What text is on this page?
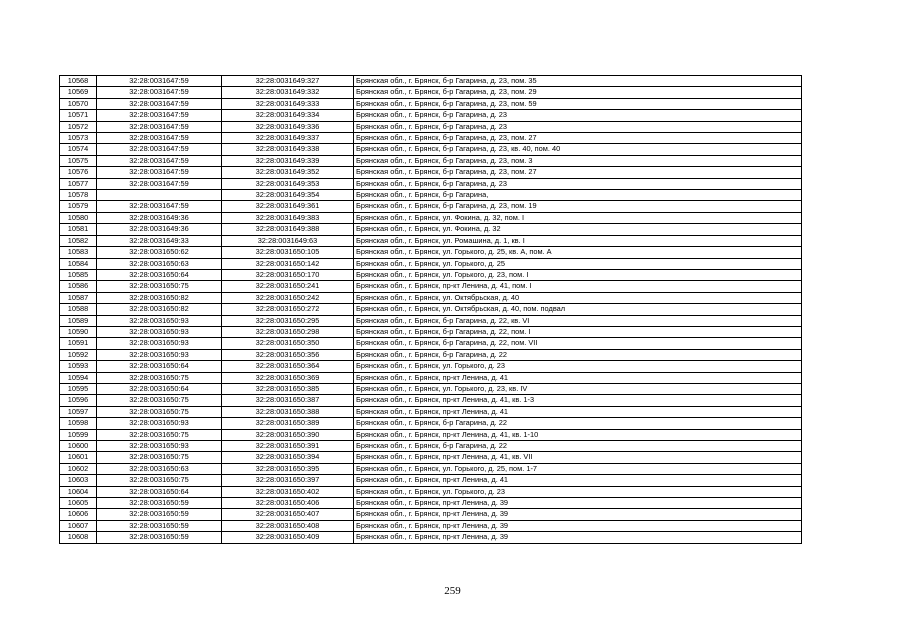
10568	32:28:0031647:59	32:28:0031649:327	Брянская обл., г. Брянск, б-р Гагарина, д. 23, пом. 35
10569	32:28:0031647:59	32:28:0031649:332	Брянская обл., г. Брянск, б-р Гагарина, д. 23, пом. 29
10570	32:28:0031647:59	32:28:0031649:333	Брянская обл., г. Брянск, б-р Гагарина, д. 23, пом. 59
10571	32:28:0031647:59	32:28:0031649:334	Брянская обл., г. Брянск, б-р Гагарина, д. 23
10572	32:28:0031647:59	32:28:0031649:336	Брянская обл., г. Брянск, б-р Гагарина, д. 23
10573	32:28:0031647:59	32:28:0031649:337	Брянская обл., г. Брянск, б-р Гагарина, д. 23, пом. 27
10574	32:28:0031647:59	32:28:0031649:338	Брянская обл., г. Брянск, б-р Гагарина, д. 23, кв. 40, пом. 40
10575	32:28:0031647:59	32:28:0031649:339	Брянская обл., г. Брянск, б-р Гагарина, д. 23, пом. 3
10576	32:28:0031647:59	32:28:0031649:352	Брянская обл., г. Брянск, б-р Гагарина, д. 23, пом. 27
10577	32:28:0031647:59	32:28:0031649:353	Брянская обл., г. Брянск, б-р Гагарина, д. 23
10578		32:28:0031649:354	Брянская обл., г. Брянск, б-р Гагарина,
10579	32:28:0031647:59	32:28:0031649:361	Брянская обл., г. Брянск, б-р Гагарина, д. 23, пом. 19
10580	32:28:0031649:36	32:28:0031649:383	Брянская обл., г. Брянск, ул. Фокина, д. 32, пом. I
10581	32:28:0031649:36	32:28:0031649:388	Брянская обл., г. Брянск, ул. Фокина, д. 32
10582	32:28:0031649:33	32:28:0031649:63	Брянская обл., г. Брянск, ул. Ромашина, д. 1, кв. I
10583	32:28:0031650:62	32:28:0031650:105	Брянская обл., г. Брянск, ул. Горького, д. 25, кв. А, пом. А
10584	32:28:0031650:63	32:28:0031650:142	Брянская обл., г. Брянск, ул. Горького, д. 25
10585	32:28:0031650:64	32:28:0031650:170	Брянская обл., г. Брянск, ул. Горького, д. 23, пом. I
10586	32:28:0031650:75	32:28:0031650:241	Брянская обл., г. Брянск, пр-кт Ленина, д. 41, пом. I
10587	32:28:0031650:82	32:28:0031650:242	Брянская обл., г. Брянск, ул. Октябрьская, д. 40
10588	32:28:0031650:82	32:28:0031650:272	Брянская обл., г. Брянск, ул. Октябрьская, д. 40, пом. подвал
10589	32:28:0031650:93	32:28:0031650:295	Брянская обл., г. Брянск, б-р Гагарина, д. 22, кв. VI
10590	32:28:0031650:93	32:28:0031650:298	Брянская обл., г. Брянск, б-р Гагарина, д. 22, пом. I
10591	32:28:0031650:93	32:28:0031650:350	Брянская обл., г. Брянск, б-р Гагарина, д. 22, пом. VII
10592	32:28:0031650:93	32:28:0031650:356	Брянская обл., г. Брянск, б-р Гагарина, д. 22
10593	32:28:0031650:64	32:28:0031650:364	Брянская обл., г. Брянск, ул. Горького, д. 23
10594	32:28:0031650:75	32:28:0031650:369	Брянская обл., г. Брянск, пр-кт Ленина, д. 41
10595	32:28:0031650:64	32:28:0031650:385	Брянская обл., г. Брянск, ул. Горького, д. 23, кв. IV
10596	32:28:0031650:75	32:28:0031650:387	Брянская обл., г. Брянск, пр-кт Ленина, д. 41, кв. 1-3
10597	32:28:0031650:75	32:28:0031650:388	Брянская обл., г. Брянск, пр-кт Ленина, д. 41
10598	32:28:0031650:93	32:28:0031650:389	Брянская обл., г. Брянск, б-р Гагарина, д. 22
10599	32:28:0031650:75	32:28:0031650:390	Брянская обл., г. Брянск, пр-кт Ленина, д. 41, кв. 1-10
10600	32:28:0031650:93	32:28:0031650:391	Брянская обл., г. Брянск, б-р Гагарина, д. 22
10601	32:28:0031650:75	32:28:0031650:394	Брянская обл., г. Брянск, пр-кт Ленина, д. 41, кв. VII
10602	32:28:0031650:63	32:28:0031650:395	Брянская обл., г. Брянск, ул. Горького, д. 25, пом. 1-7
10603	32:28:0031650:75	32:28:0031650:397	Брянская обл., г. Брянск, пр-кт Ленина, д. 41
10604	32:28:0031650:64	32:28:0031650:402	Брянская обл., г. Брянск, ул. Горького, д. 23
10605	32:28:0031650:59	32:28:0031650:406	Брянская обл., г. Брянск, пр-кт Ленина, д. 39
10606	32:28:0031650:59	32:28:0031650:407	Брянская обл., г. Брянск, пр-кт Ленина, д. 39
10607	32:28:0031650:59	32:28:0031650:408	Брянская обл., г. Брянск, пр-кт Ленина, д. 39
10608	32:28:0031650:59	32:28:0031650:409	Брянская обл., г. Брянск, пр-кт Ленина, д. 39
259
